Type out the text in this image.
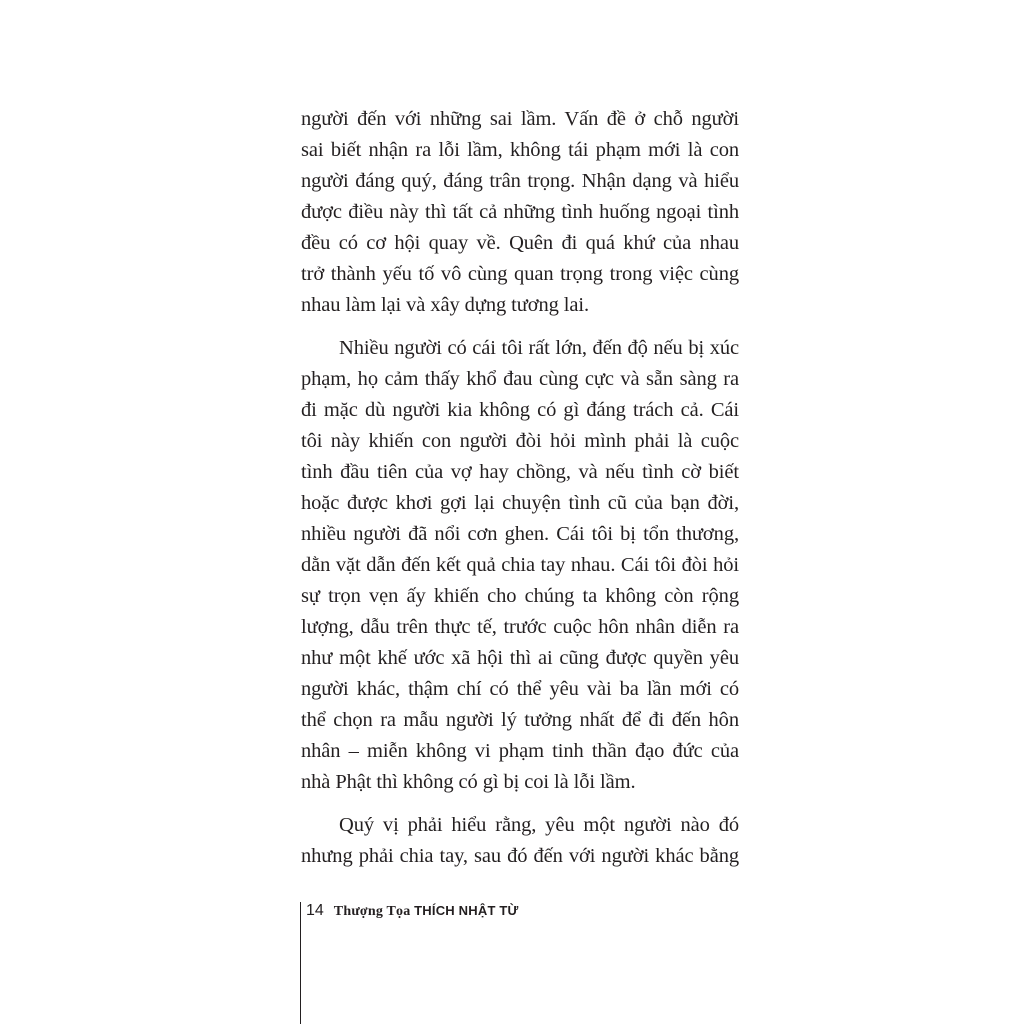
người đến với những sai lầm. Vấn đề ở chỗ người
sai biết nhận ra lỗi lầm, không tái phạm mới là con
người đáng quý, đáng trân trọng. Nhận dạng và hiểu
được điều này thì tất cả những tình huống ngoại tình
đều có cơ hội quay về. Quên đi quá khứ của nhau
trở thành yếu tố vô cùng quan trọng trong việc cùng
nhau làm lại và xây dựng tương lai.
Nhiều người có cái tôi rất lớn, đến độ nếu bị xúc
phạm, họ cảm thấy khổ đau cùng cực và sẵn sàng ra
đi mặc dù người kia không có gì đáng trách cả. Cái
tôi này khiến con người đòi hỏi mình phải là cuộc
tình đầu tiên của vợ hay chồng, và nếu tình cờ biết
hoặc được khơi gợi lại chuyện tình cũ của bạn đời,
nhiều người đã nổi cơn ghen. Cái tôi bị tổn thương,
dằn vặt dẫn đến kết quả chia tay nhau. Cái tôi đòi hỏi
sự trọn vẹn ấy khiến cho chúng ta không còn rộng
lượng, dẫu trên thực tế, trước cuộc hôn nhân diễn ra
như một khế ước xã hội thì ai cũng được quyền yêu
người khác, thậm chí có thể yêu vài ba lần mới có
thể chọn ra mẫu người lý tưởng nhất để đi đến hôn
nhân – miễn không vi phạm tinh thần đạo đức của
nhà Phật thì không có gì bị coi là lỗi lầm.
Quý vị phải hiểu rằng, yêu một người nào đó
nhưng phải chia tay, sau đó đến với người khác bằng
14 Thượng Tọa THÍCH NHẬT TỪ
